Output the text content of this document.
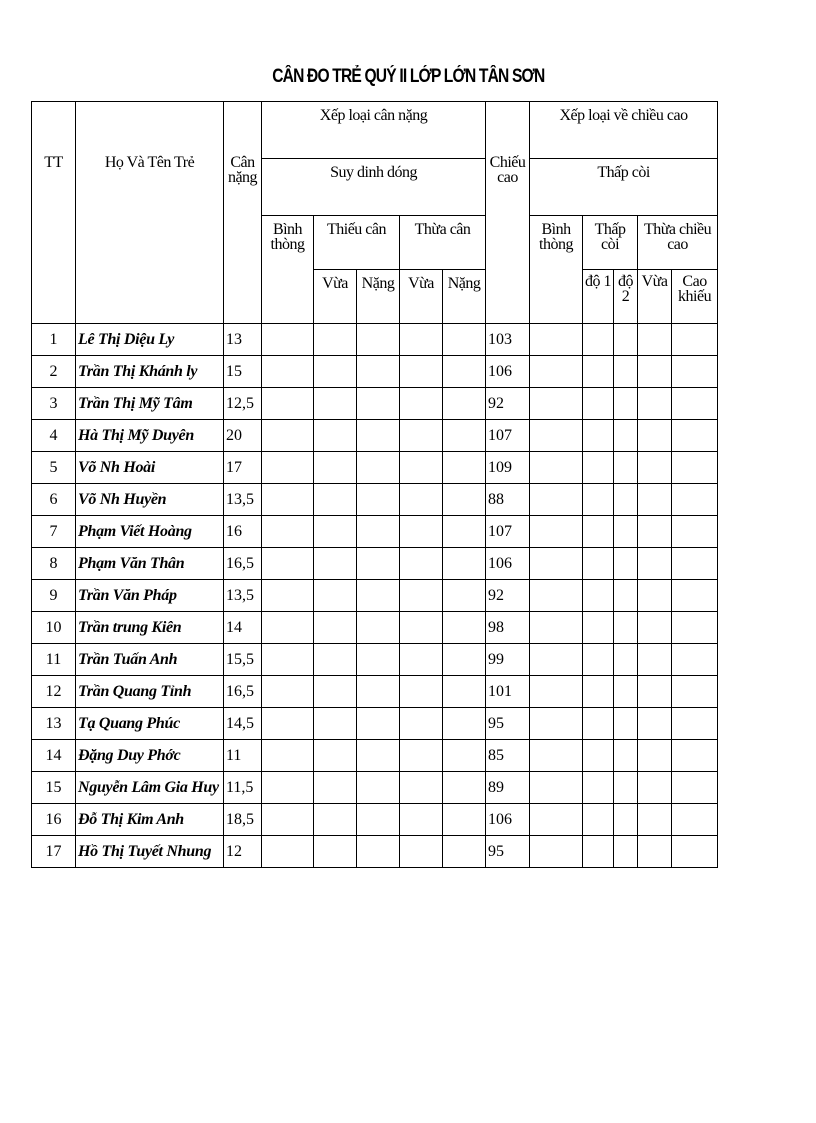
CÂN ĐO TRẺ QUÝ II LỚP LỚN TÂN SƠN
TT	Họ Và Tên Trẻ	Cân nặng	Xếp loại cân nặng					Chiếu cao	Xếp loại về chiều cao				
			Suy dinh dóng						Thấp còi				
			Bình thòng	Thiếu cân		Thừa cân			Bình thòng	Thấp còi		Thừa chiều cao	
				Vừa	Nặng	Vừa	Nặng			độ 1	độ 2	Vừa	Cao khiếu
1	Lê Thị Diệu Ly	13						103					
2	Trần Thị Khánh ly	15						106					
3	Trần Thị Mỹ Tâm	12,5						92					
4	Hà Thị Mỹ Duyên	20						107					
5	Võ Nh Hoài	17						109					
6	Võ Nh Huyền	13,5						88					
7	Phạm Viết Hoàng	16						107					
8	Phạm Văn Thân	16,5						106					
9	Trần Văn Pháp	13,5						92					
10	Trần trung Kiên	14						98					
11	Trần Tuấn Anh	15,5						99					
12	Trần Quang Tỉnh	16,5						101					
13	Tạ Quang Phúc	14,5						95					
14	Đặng Duy Phớc	11						85					
15	Nguyễn Lâm Gia Huy	11,5						89					
16	Đỗ Thị Kim Anh	18,5						106					
17	Hồ Thị Tuyết Nhung	12						95					
